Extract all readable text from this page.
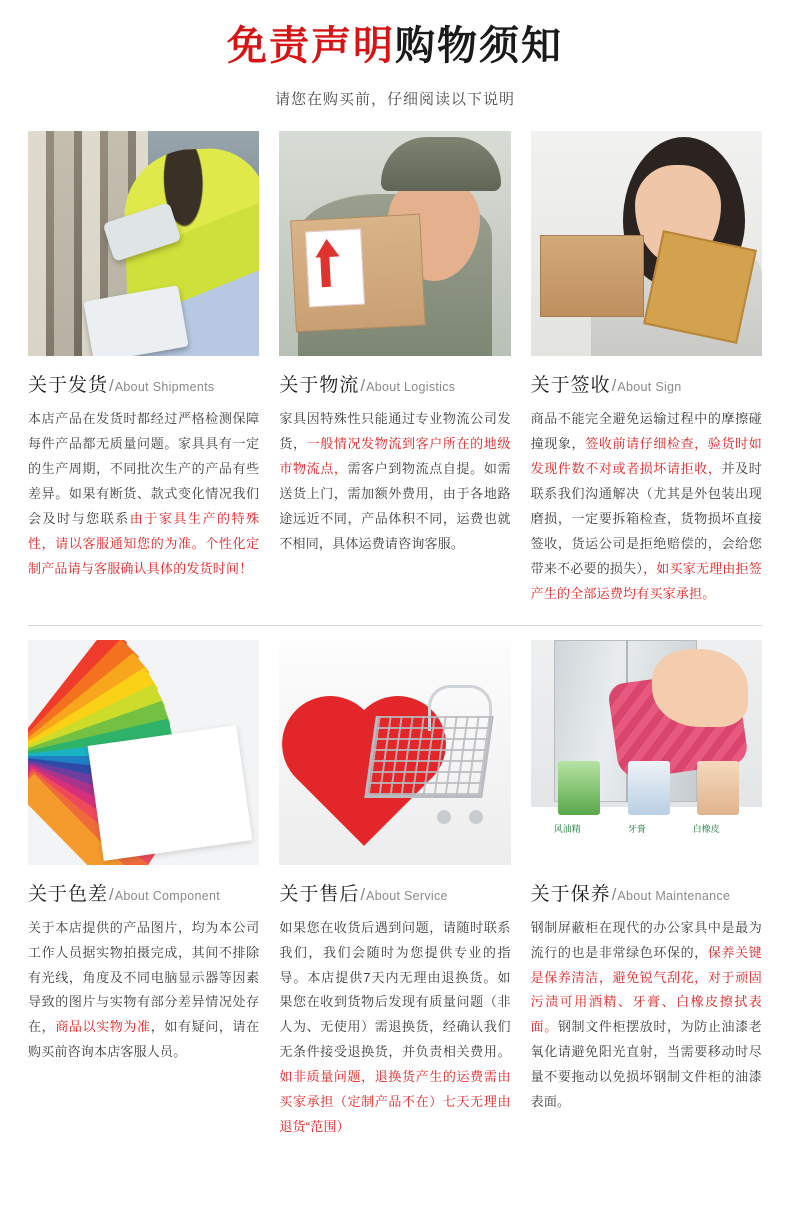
免责声明购物须知
请您在购买前，仔细阅读以下说明
关于发货/About Shipments
本店产品在发货时都经过严格检测保障每件产品都无质量问题。家具具有一定的生产周期，不同批次生产的产品有些差异。如果有断货、款式变化情况我们会及时与您联系由于家具生产的特殊性，请以客服通知您的为准。个性化定制产品请与客服确认具体的发货时间！
关于物流/About Logistics
家具因特殊性只能通过专业物流公司发货，一般情况发物流到客户所在的地级市物流点，需客户到物流点自提。如需送货上门，需加额外费用，由于各地路途远近不同，产品体积不同，运费也就不相同，具体运费请咨询客服。
关于签收/About Sign
商品不能完全避免运输过程中的摩擦碰撞现象，签收前请仔细检查，验货时如发现件数不对或者损坏请拒收，并及时联系我们沟通解决（尤其是外包装出现磨损，一定要拆箱检查，货物损坏直接签收，货运公司是拒绝赔偿的，会给您带来不必要的损失），如买家无理由拒签产生的全部运费均有买家承担。
关于色差/About Component
关于本店提供的产品图片，均为本公司工作人员据实物拍摄完成，其间不排除有光线，角度及不同电脑显示器等因素导致的图片与实物有部分差异情况处存在，商品以实物为准，如有疑问，请在购买前咨询本店客服人员。
关于售后/About Service
如果您在收货后遇到问题，请随时联系我们，我们会随时为您提供专业的指导。本店提供7天内无理由退换货。如果您在收到货物后发现有质量问题（非人为、无使用）需退换货，经确认我们无条件接受退换货，并负责相关费用。如非质量问题，退换货产生的运费需由买家承担（定制产品不在）七天无理由退货“范围）
风油精	牙膏	白橡皮
关于保养/About Maintenance
钢制屏蔽柜在现代的办公家具中是最为流行的也是非常绿色环保的，保养关键是保养清洁，避免锐气刮花，对于顽固污渍可用酒精、牙膏、白橡皮擦拭表面。钢制文件柜摆放时，为防止油漆老氧化请避免阳光直射，当需要移动时尽量不要拖动以免损坏钢制文件柜的油漆表面。
